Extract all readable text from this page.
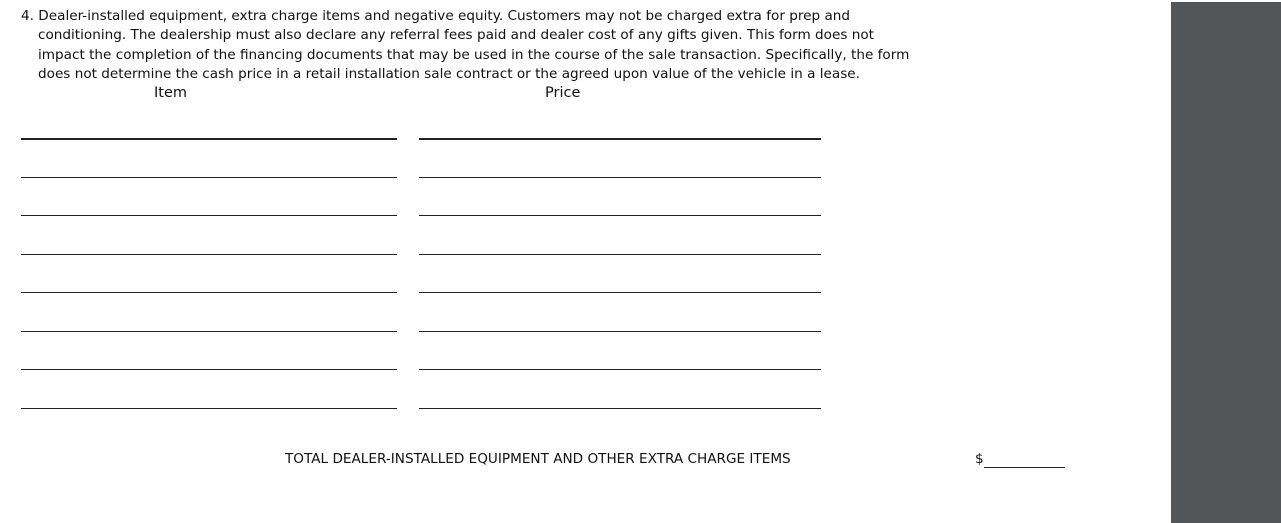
4. Dealer-installed equipment, extra charge items and negative equity. Customers may not be charged extra for prep and
conditioning. The dealership must also declare any referral fees paid and dealer cost of any gifts given. This form does not
impact the completion of the financing documents that may be used in the course of the sale transaction. Specifically, the form
does not determine the cash price in a retail installation sale contract or the agreed upon value of the vehicle in a lease.
Item	Price
TOTAL DEALER-INSTALLED EQUIPMENT AND OTHER EXTRA CHARGE ITEMS	$
